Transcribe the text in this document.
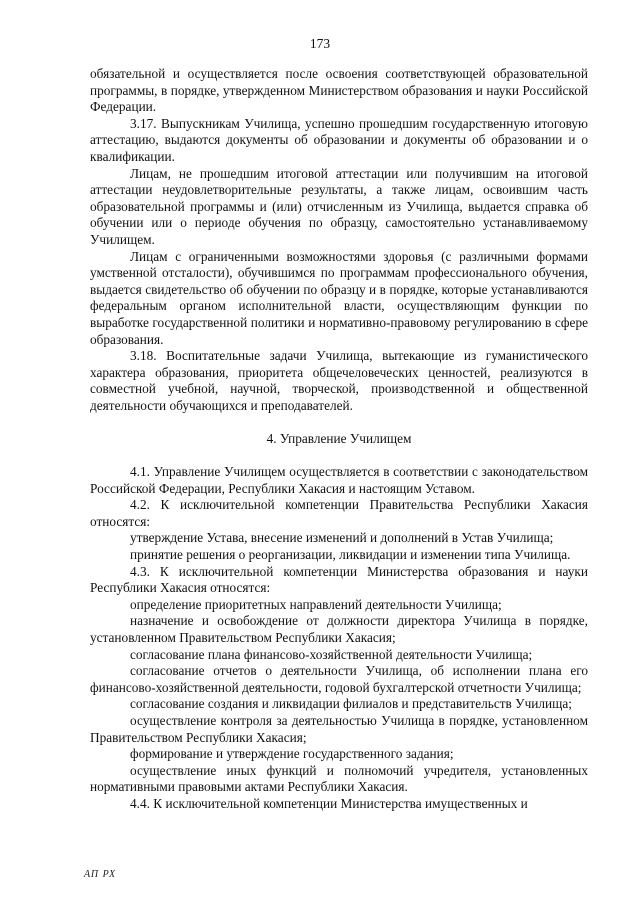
173

обязательной и осуществляется после освоения соответствующей образовательной программы, в порядке, утвержденном Министерством образования и науки Российской Федерации.

3.17. Выпускникам Училища, успешно прошедшим государственную итоговую аттестацию, выдаются документы об образовании и документы об образовании и о квалификации.

Лицам, не прошедшим итоговой аттестации или получившим на итоговой аттестации неудовлетворительные результаты, а также лицам, освоившим часть образовательной программы и (или) отчисленным из Училища, выдается справка об обучении или о периоде обучения по образцу, самостоятельно устанавливаемому Училищем.

Лицам с ограниченными возможностями здоровья (с различными формами умственной отсталости), обучившимся по программам профессионального обучения, выдается свидетельство об обучении по образцу и в порядке, которые устанавливаются федеральным органом исполнительной власти, осуществляющим функции по выработке государственной политики и нормативно-правовому регулированию в сфере образования.

3.18. Воспитательные задачи Училища, вытекающие из гуманистического характера образования, приоритета общечеловеческих ценностей, реализуются в совместной учебной, научной, творческой, производственной и общественной деятельности обучающихся и преподавателей.

4. Управление Училищем

4.1. Управление Училищем осуществляется в соответствии с законодательством Российской Федерации, Республики Хакасия и настоящим Уставом.

4.2. К исключительной компетенции Правительства Республики Хакасия относятся:

утверждение Устава, внесение изменений и дополнений в Устав Училища;

принятие решения о реорганизации, ликвидации и изменении типа Училища.

4.3. К исключительной компетенции Министерства образования и науки Республики Хакасия относятся:

определение приоритетных направлений деятельности Училища;

назначение и освобождение от должности директора Училища в порядке, установленном Правительством Республики Хакасия;

согласование плана финансово-хозяйственной деятельности Училища;

согласование отчетов о деятельности Училища, об исполнении плана его финансово-хозяйственной деятельности, годовой бухгалтерской отчетности Училища;

согласование создания и ликвидации филиалов и представительств Училища;

осуществление контроля за деятельностью Училища в порядке, установленном Правительством Республики Хакасия;

формирование и утверждение государственного задания;

осуществление иных функций и полномочий учредителя, установленных нормативными правовыми актами Республики Хакасия.

4.4. К исключительной компетенции Министерства имущественных и

АП РХ
